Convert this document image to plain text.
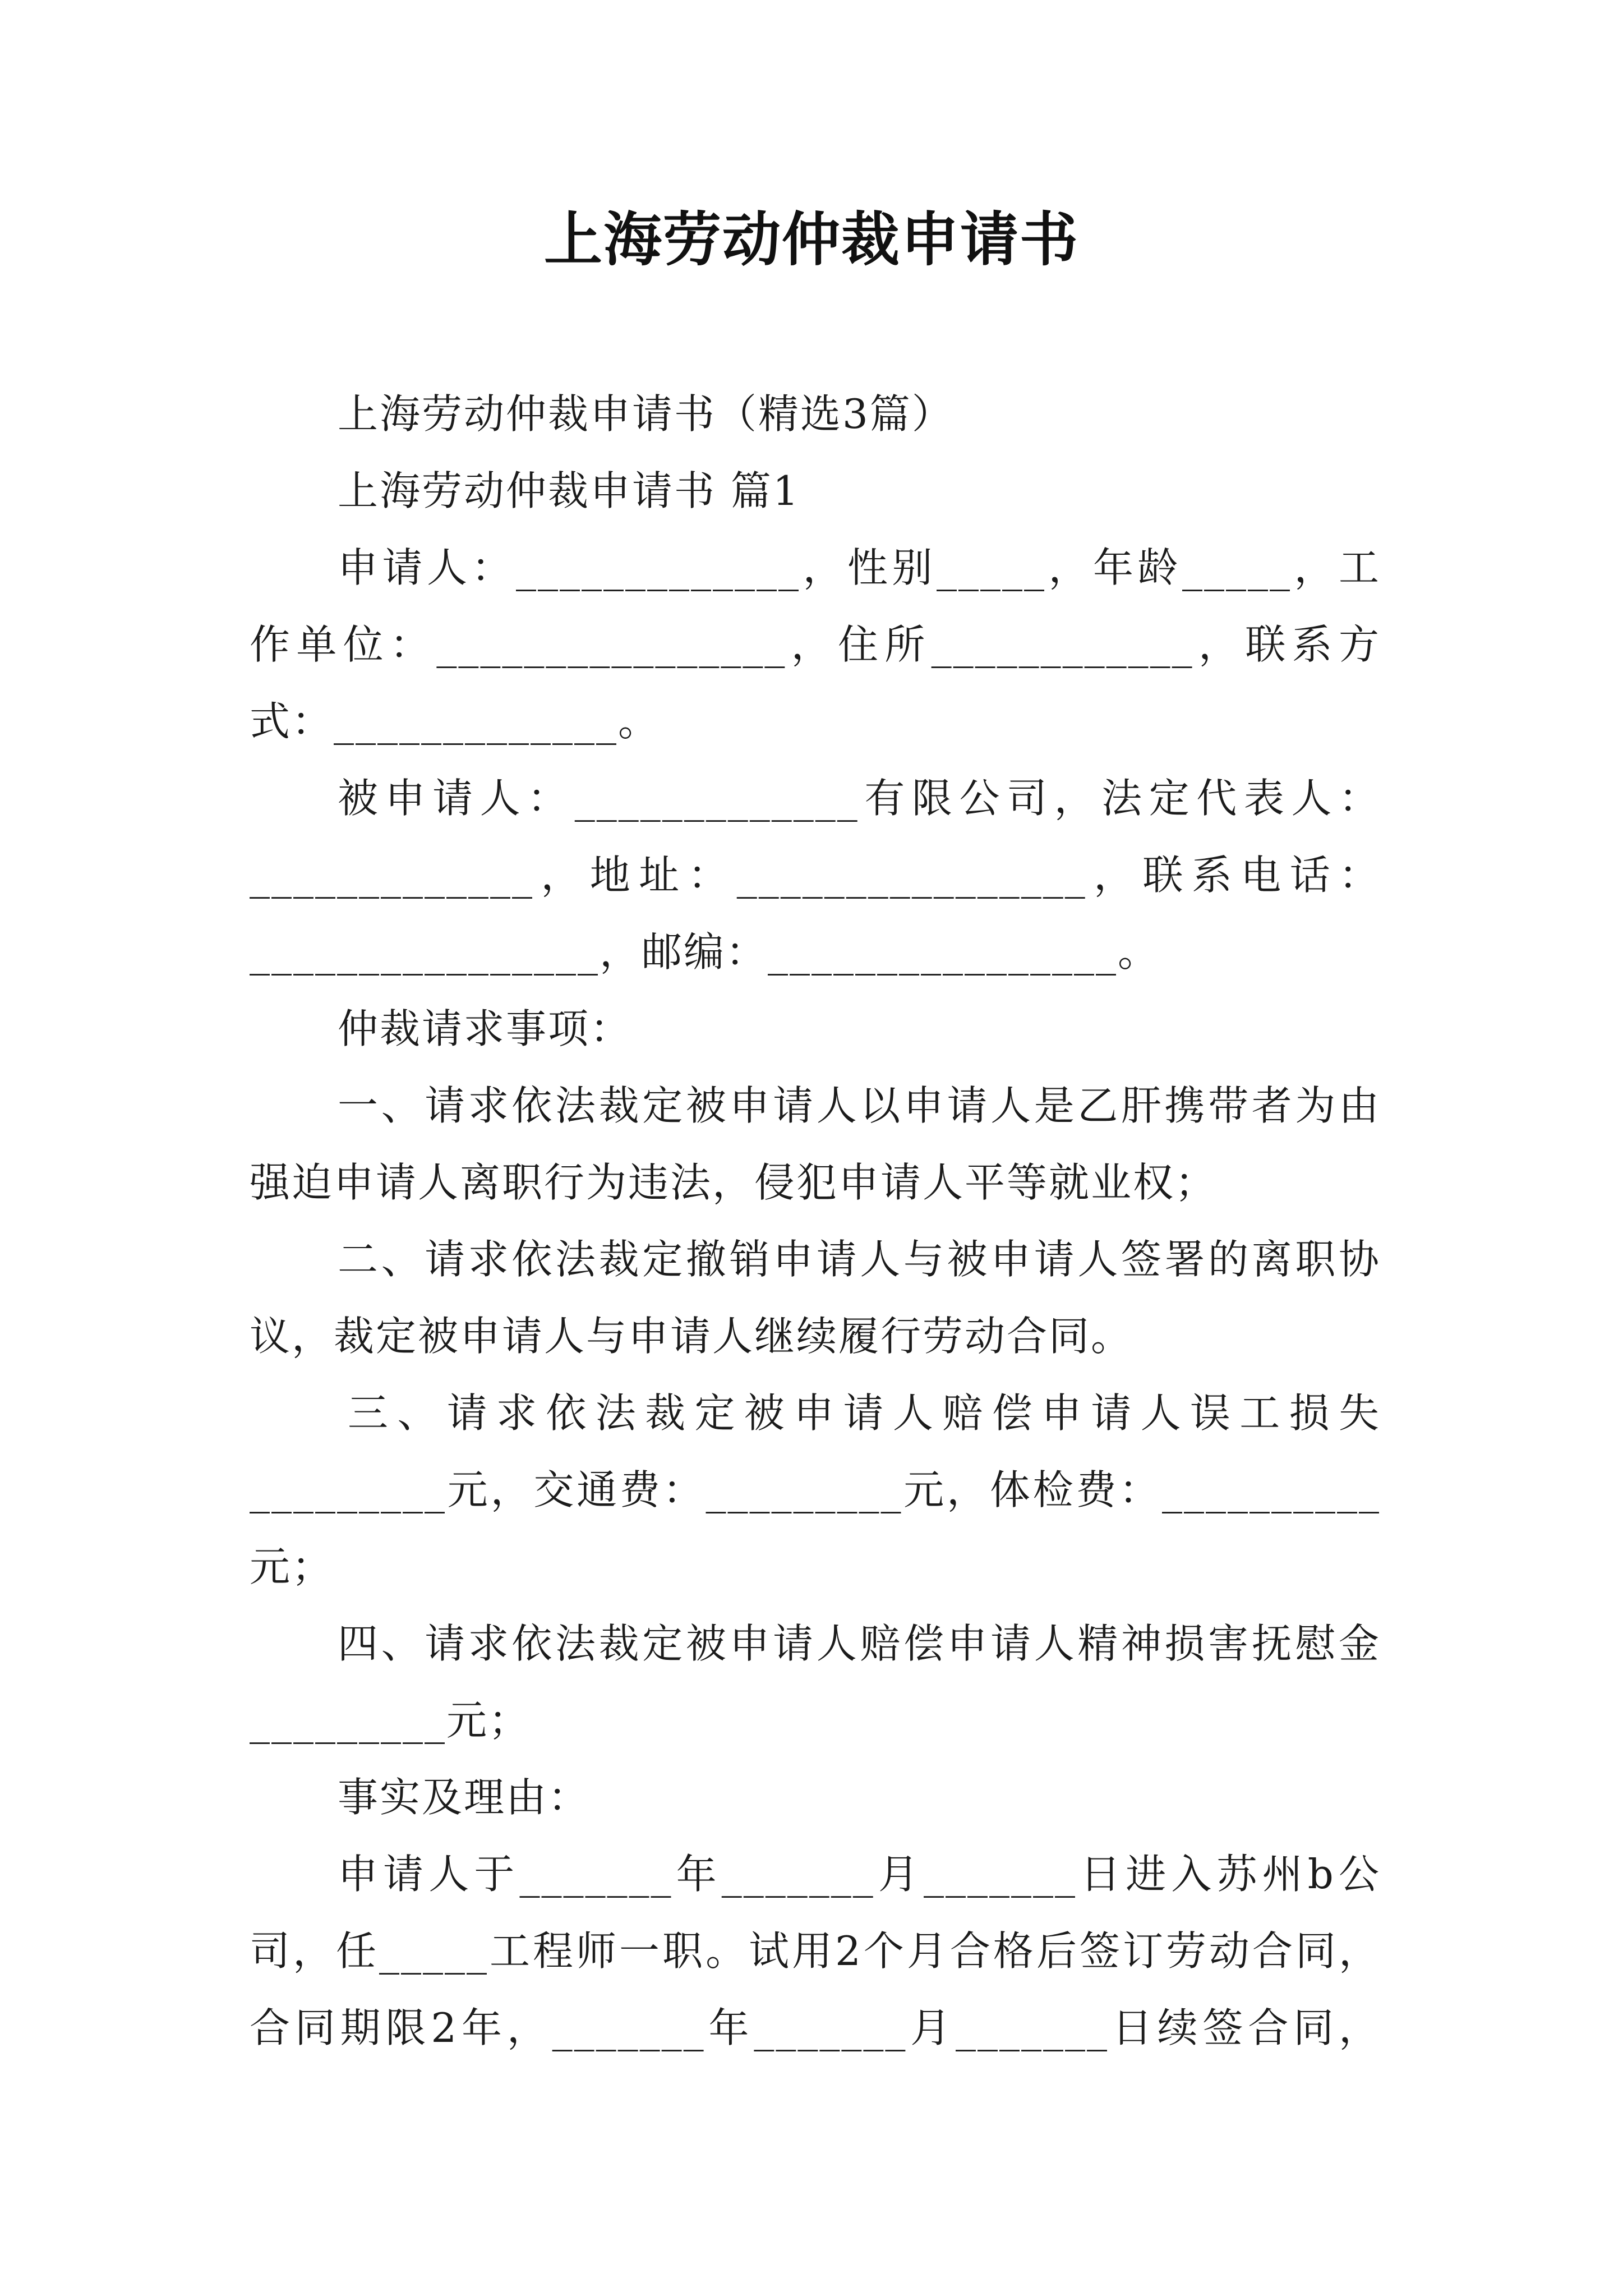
上海劳动仲裁申请书
上海劳动仲裁申请书（精选3篇）
上海劳动仲裁申请书 篇1
申请人：_____________，性别_____，年龄_____，工
作单位：________________，住所____________，联系方
式：_____________。
被申请人：_____________有限公司，法定代表人：
_____________，地址：________________，联系电话：
________________，邮编：________________。
仲裁请求事项：
一、请求依法裁定被申请人以申请人是乙肝携带者为由
强迫申请人离职行为违法，侵犯申请人平等就业权；
二、请求依法裁定撤销申请人与被申请人签署的离职协
议，裁定被申请人与申请人继续履行劳动合同。
三、请求依法裁定被申请人赔偿申请人误工损失
_________元，交通费：_________元，体检费：__________
元；
四、请求依法裁定被申请人赔偿申请人精神损害抚慰金
_________元；
事实及理由：
申请人于_______年_______月_______日进入苏州b公
司，任_____工程师一职。试用2个月合格后签订劳动合同，
合同期限2年，_______年_______月_______日续签合同，
